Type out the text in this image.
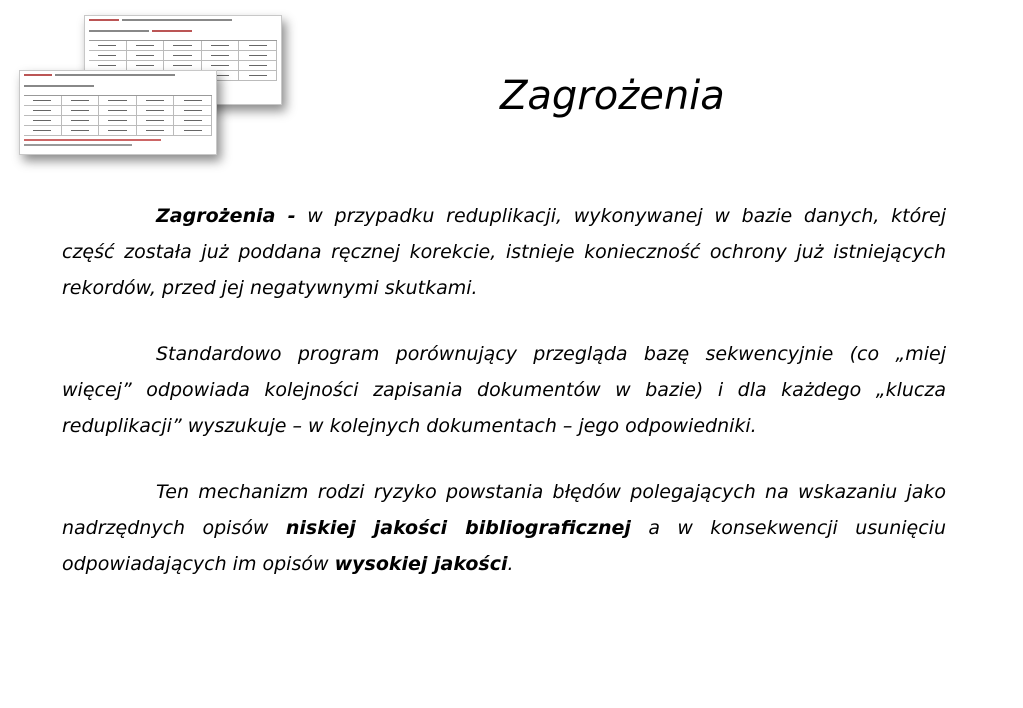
Zagrożenia

Zagrożenia - w przypadku reduplikacji, wykonywanej w bazie danych, której część została już poddana ręcznej korekcie, istnieje konieczność ochrony już istniejących rekordów, przed jej negatywnymi skutkami.

Standardowo program porównujący przegląda bazę sekwencyjnie (co „miej więcej” odpowiada kolejności zapisania dokumentów w bazie) i dla każdego „klucza reduplikacji” wyszukuje – w kolejnych dokumentach – jego odpowiedniki.

Ten mechanizm rodzi ryzyko powstania błędów polegających na wskazaniu jako nadrzędnych opisów niskiej jakości bibliograficznej a w konsekwencji usunięciu odpowiadających im opisów wysokiej jakości.
